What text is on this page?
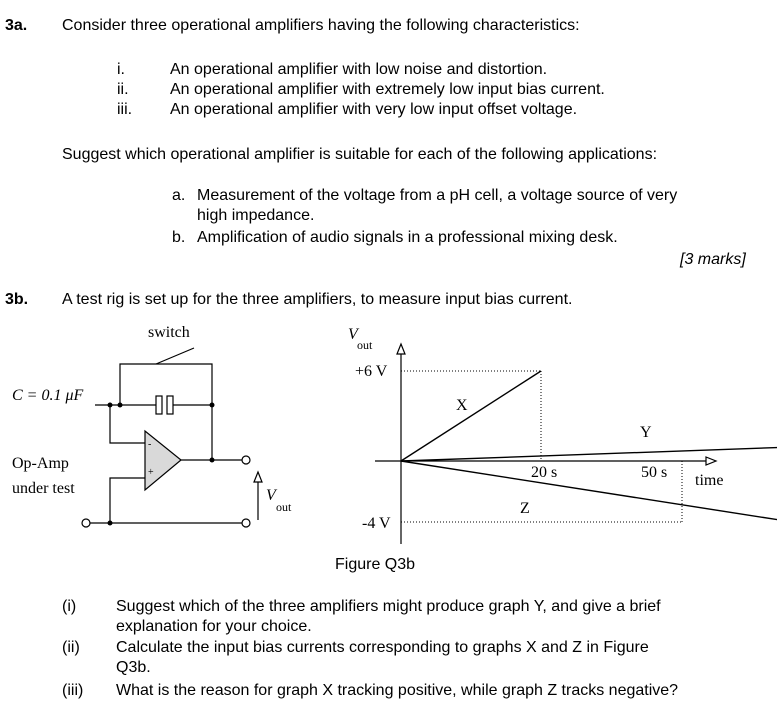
3a. Consider three operational amplifiers having the following characteristics:
i.	An operational amplifier with low noise and distortion.
ii.	An operational amplifier with extremely low input bias current.
iii. An operational amplifier with very low input offset voltage.
Suggest which operational amplifier is suitable for each of the following applications:
a. Measurement of the voltage from a pH cell, a voltage source of very
high impedance.
b. Amplification of audio signals in a professional mixing desk.
[3 marks]
3b. A test rig is set up for the three amplifiers, to measure input bias current.
-
+
switch
C = 0.1 μF
Op-Amp
under test	V
out
V
out
+6 V
-4 V
time
20 s	50 s
X
Y
Z
Figure Q3b
(i) Suggest which of the three amplifiers might produce graph Y, and give a brief
explanation for your choice.
(ii) Calculate the input bias currents corresponding to graphs X and Z in Figure
Q3b.
(iii) What is the reason for graph X tracking positive, while graph Z tracks negative?
